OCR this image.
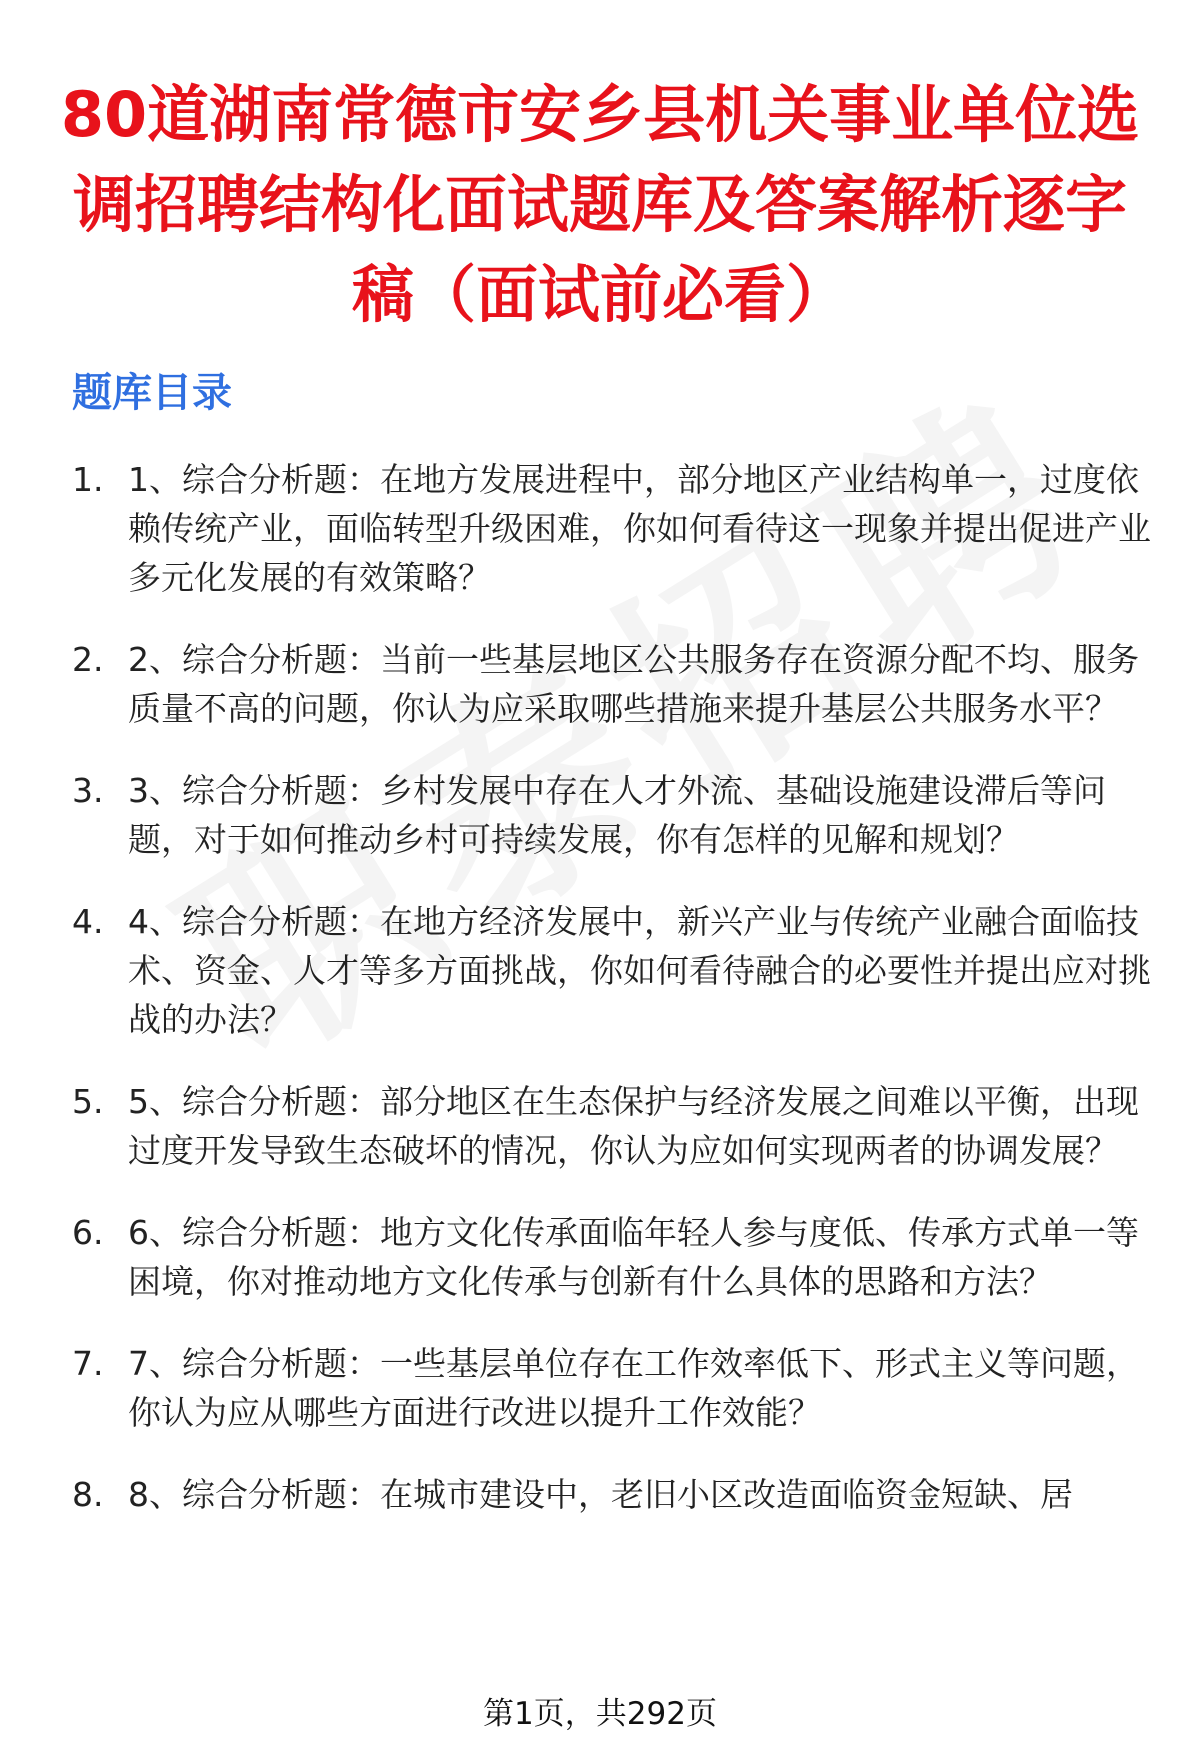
80道湖南常德市安乡县机关事业单位选调招聘结构化面试题库及答案解析逐字稿（面试前必看）
题库目录
1. 1、综合分析题：在地方发展进程中，部分地区产业结构单一，过度依赖传统产业，面临转型升级困难，你如何看待这一现象并提出促进产业多元化发展的有效策略？
2. 2、综合分析题：当前一些基层地区公共服务存在资源分配不均、服务质量不高的问题，你认为应采取哪些措施来提升基层公共服务水平？
3. 3、综合分析题：乡村发展中存在人才外流、基础设施建设滞后等问题，对于如何推动乡村可持续发展，你有怎样的见解和规划？
4. 4、综合分析题：在地方经济发展中，新兴产业与传统产业融合面临技术、资金、人才等多方面挑战，你如何看待融合的必要性并提出应对挑战的办法？
5. 5、综合分析题：部分地区在生态保护与经济发展之间难以平衡，出现过度开发导致生态破坏的情况，你认为应如何实现两者的协调发展？
6. 6、综合分析题：地方文化传承面临年轻人参与度低、传承方式单一等困境，你对推动地方文化传承与创新有什么具体的思路和方法？
7. 7、综合分析题：一些基层单位存在工作效率低下、形式主义等问题，你认为应从哪些方面进行改进以提升工作效能？
8. 8、综合分析题：在城市建设中，老旧小区改造面临资金短缺、居
第1页，共292页
